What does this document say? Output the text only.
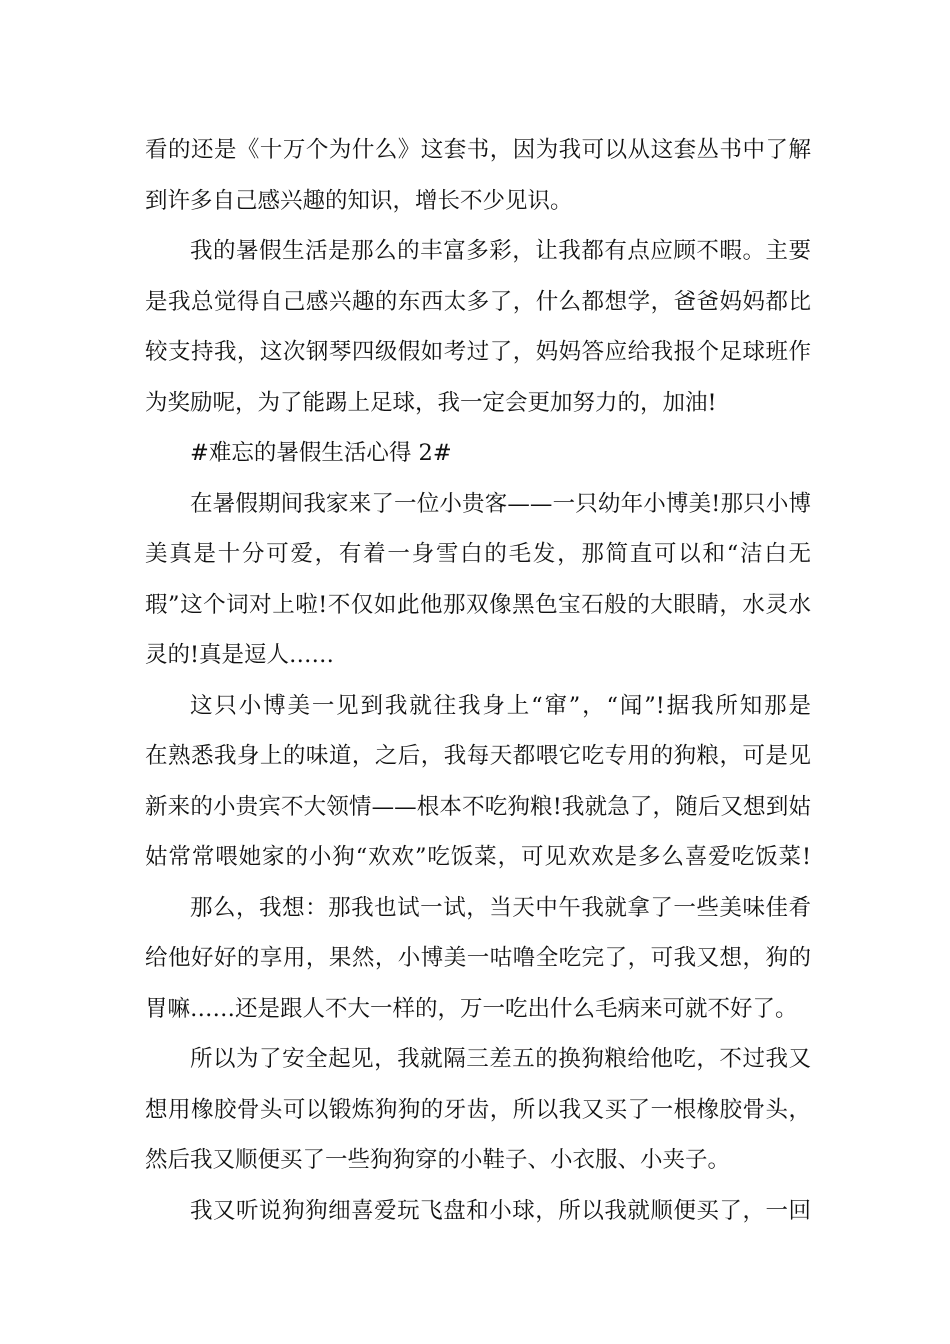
看的还是《十万个为什么》这套书，因为我可以从这套丛书中了解
到许多自己感兴趣的知识，增长不少见识。
我的暑假生活是那么的丰富多彩，让我都有点应顾不暇。主要
是我总觉得自己感兴趣的东西太多了，什么都想学，爸爸妈妈都比
较支持我，这次钢琴四级假如考过了，妈妈答应给我报个足球班作
为奖励呢，为了能踢上足球，我一定会更加努力的，加油!
#难忘的暑假生活心得 2#
在暑假期间我家来了一位小贵客——一只幼年小博美!那只小博
美真是十分可爱，有着一身雪白的毛发，那简直可以和“洁白无
瑕”这个词对上啦!不仅如此他那双像黑色宝石般的大眼睛，水灵水
灵的!真是逗人……
这只小博美一见到我就往我身上“窜”，“闻”!据我所知那是
在熟悉我身上的味道，之后，我每天都喂它吃专用的狗粮，可是见
新来的小贵宾不大领情——根本不吃狗粮!我就急了，随后又想到姑
姑常常喂她家的小狗“欢欢”吃饭菜，可见欢欢是多么喜爱吃饭菜!
那么，我想：那我也试一试，当天中午我就拿了一些美味佳肴
给他好好的享用，果然，小博美一咕噜全吃完了，可我又想，狗的
胃嘛……还是跟人不大一样的，万一吃出什么毛病来可就不好了。
所以为了安全起见，我就隔三差五的换狗粮给他吃，不过我又
想用橡胶骨头可以锻炼狗狗的牙齿，所以我又买了一根橡胶骨头，
然后我又顺便买了一些狗狗穿的小鞋子、小衣服、小夹子。
我又听说狗狗细喜爱玩飞盘和小球，所以我就顺便买了，一回
